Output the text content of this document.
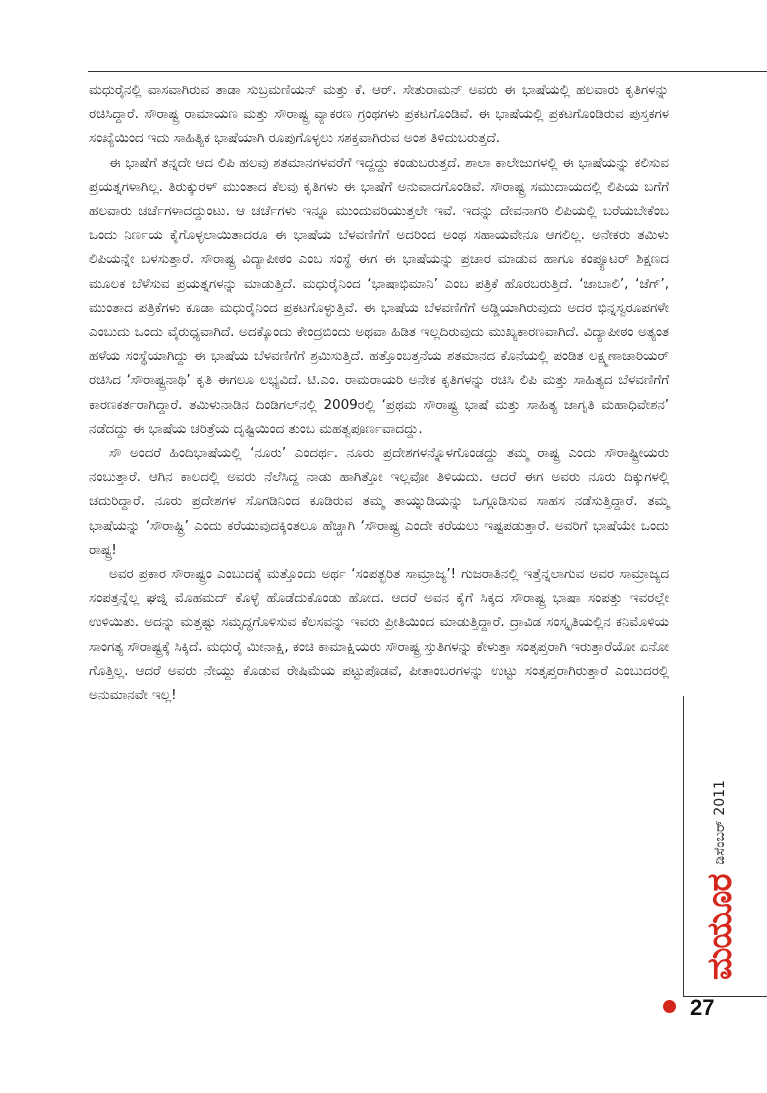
ಮಧುರೈನಲ್ಲಿ ವಾಸವಾಗಿರುವ ತಾಡಾ ಸುಬ್ರಮಣಿಯನ್ ಮತ್ತು ಕೆ. ಆರ್. ಸೇತುರಾಮನ್ ಅವರು ಈ ಭಾಷೆಯಲ್ಲಿ ಹಲವಾರು ಕೃತಿಗಳನ್ನು ರಚಿಸಿದ್ದಾರೆ. ಸೌರಾಷ್ಟ್ರ ರಾಮಾಯಣ ಮತ್ತು ಸೌರಾಷ್ಟ್ರ ವ್ಯಾಕರಣ ಗ್ರಂಥಗಳು ಪ್ರಕಟಗೊಂಡಿವೆ. ಈ ಭಾಷೆಯಲ್ಲಿ ಪ್ರಕಟಗೊಂಡಿರುವ ಪುಸ್ತಕಗಳ ಸಂಖ್ಯೆಯಿಂದ ಇದು ಸಾಹಿತ್ಯಿಕ ಭಾಷೆಯಾಗಿ ರೂಪುಗೊಳ್ಳಲು ಸಶಕ್ತವಾಗಿರುವ ಅಂಶ ತಿಳಿದುಬರುತ್ತದೆ.

ಈ ಭಾಷೆಗೆ ತನ್ನದೇ ಆದ ಲಿಪಿ ಹಲವು ಶತಮಾನಗಳವರೆಗೆ ಇದ್ದದ್ದು ಕಂಡುಬರುತ್ತದೆ. ಶಾಲಾ ಕಾಲೇಜುಗಳಲ್ಲಿ ಈ ಭಾಷೆಯನ್ನು ಕಲಿಸುವ ಪ್ರಯತ್ನಗಳಾಗಿಲ್ಲ. ತಿರುಕ್ಕುರಳ್ ಮುಂತಾದ ಕೆಲವು ಕೃತಿಗಳು ಈ ಭಾಷೆಗೆ ಅನುವಾದಗೊಂಡಿವೆ. ಸೌರಾಷ್ಟ್ರ ಸಮುದಾಯದಲ್ಲಿ ಲಿಪಿಯ ಬಗೆಗೆ ಹಲವಾರು ಚರ್ಚೆಗಳಾದದ್ದುಂಟು. ಆ ಚರ್ಚೆಗಳು ಇನ್ನೂ ಮುಂದುವರಿಯುತ್ತಲೇ ಇವೆ. ಇದನ್ನು ದೇವನಾಗರಿ ಲಿಪಿಯಲ್ಲಿ ಬರೆಯಬೇಕೆಂಬ ಒಂದು ನಿರ್ಣಯ ಕೈಗೊಳ್ಳಲಾಯಿತಾದರೂ ಈ ಭಾಷೆಯ ಬೆಳವಣಿಗೆಗೆ ಅದರಿಂದ ಅಂಥ ಸಹಾಯವೇನೂ ಆಗಲಿಲ್ಲ. ಅನೇಕರು ತಮಿಳು ಲಿಪಿಯನ್ನೇ ಬಳಸುತ್ತಾರೆ. ಸೌರಾಷ್ಟ್ರ ವಿದ್ಯಾಪೀಠಂ ಎಂಬ ಸಂಸ್ಥೆ ಈಗ ಈ ಭಾಷೆಯನ್ನು ಪ್ರಚಾರ ಮಾಡುವ ಹಾಗೂ ಕಂಪ್ಯೂಟರ್ ಶಿಕ್ಷಣದ ಮೂಲಕ ಬೆಳೆಸುವ ಪ್ರಯತ್ನಗಳನ್ನು ಮಾಡುತ್ತಿದೆ. ಮಧುರೈನಿಂದ ‘ಭಾಷಾಭಿಮಾನಿ’ ಎಂಬ ಪತ್ರಿಕೆ ಹೊರಬರುತ್ತಿದೆ. ‘ಜಾಬಾಲಿ’, ‘ಜೆಗ್’, ಮುಂತಾದ ಪತ್ರಿಕೆಗಳು ಕೂಡಾ ಮಧುರೈನಿಂದ ಪ್ರಕಟಗೊಳ್ಳುತ್ತಿವೆ. ಈ ಭಾಷೆಯ ಬೆಳವಣಿಗೆಗೆ ಅಡ್ಡಿಯಾಗಿರುವುದು ಅದರ ಭಿನ್ನಸ್ವರೂಪಗಳೇ ಎಂಬುದು ಒಂದು ವೈರುಧ್ಯವಾಗಿದೆ. ಅದಕ್ಕೊಂದು ಕೇಂದ್ರಬಿಂದು ಅಥವಾ ಹಿಡಿತ ಇಲ್ಲದಿರುವುದು ಮುಖ್ಯಕಾರಣವಾಗಿದೆ. ವಿದ್ಯಾಪೀಠಂ ಅತ್ಯಂತ ಹಳೆಯ ಸಂಸ್ಥೆಯಾಗಿದ್ದು ಈ ಭಾಷೆಯ ಬೆಳವಣಿಗೆಗೆ ಶ್ರಮಿಸುತ್ತಿದೆ. ಹತ್ತೊಂಬತ್ತನೆಯ ಶತಮಾನದ ಕೊನೆಯಲ್ಲಿ ಪಂಡಿತ ಲಕ್ಷ್ಮಣಾಚಾರಿಯರ್ ರಚಿಸಿದ ‘ಸೌರಾಷ್ಟ್ರನಾಥಿ’ ಕೃತಿ ಈಗಲೂ ಲಭ್ಯವಿದೆ. ಟಿ.ಎಂ. ರಾಮರಾಯರಿ ಅನೇಕ ಕೃತಿಗಳನ್ನು ರಚಿಸಿ ಲಿಪಿ ಮತ್ತು ಸಾಹಿತ್ಯದ ಬೆಳವಣಿಗೆಗೆ ಕಾರಣಕರ್ತರಾಗಿದ್ದಾರೆ. ತಮಿಳುನಾಡಿನ ದಿಂಡಿಗಲ್‌ನಲ್ಲಿ 2009ರಲ್ಲಿ ‘ಪ್ರಥಮ ಸೌರಾಷ್ಟ್ರ ಭಾಷೆ ಮತ್ತು ಸಾಹಿತ್ಯ ಜಾಗೃತಿ ಮಹಾಧಿವೇಶನ’ ನಡೆದದ್ದು ಈ ಭಾಷೆಯ ಚರಿತ್ರೆಯ ದೃಷ್ಟಿಯಿಂದ ತುಂಬ ಮಹತ್ವಪೂರ್ಣವಾದದ್ದು.

ಸೌ ಅಂದರೆ ಹಿಂದಿಭಾಷೆಯಲ್ಲಿ ‘ನೂರು’ ಎಂದರ್ಥ. ನೂರು ಪ್ರದೇಶಗಳನ್ನೊಳಗೊಂಡದ್ದು ತಮ್ಮ ರಾಷ್ಟ್ರ ಎಂದು ಸೌರಾಷ್ಟ್ರೀಯರು ನಂಬುತ್ತಾರೆ. ಆಗಿನ ಕಾಲದಲ್ಲಿ ಅವರು ನೆಲೆಸಿದ್ದ ನಾಡು ಹಾಗಿತ್ತೋ ಇಲ್ಲವೋ ತಿಳಿಯದು. ಆದರೆ ಈಗ ಅವರು ನೂರು ದಿಕ್ಕುಗಳಲ್ಲಿ ಚದುರಿದ್ದಾರೆ. ನೂರು ಪ್ರದೇಶಗಳ ಸೊಗಡಿನಿಂದ ಕೂಡಿರುವ ತಮ್ಮ ತಾಯ್ನುಡಿಯನ್ನು ಒಗ್ಗೂಡಿಸುವ ಸಾಹಸ ನಡೆಸುತ್ತಿದ್ದಾರೆ. ತಮ್ಮ ಭಾಷೆಯನ್ನು ‘ಸೌರಾಷ್ಟ್ರಿ’ ಎಂದು ಕರೆಯುವುದಕ್ಕಿಂತಲೂ ಹೆಚ್ಚಾಗಿ ‘ಸೌರಾಷ್ಟ್ರ ಎಂದೇ ಕರೆಯಲು ಇಷ್ಟಪಡುತ್ತಾರೆ. ಅವರಿಗೆ ಭಾಷೆಯೇ ಒಂದು ರಾಷ್ಟ್ರ!

ಅವರ ಪ್ರಕಾರ ಸೌರಾಷ್ಟ್ರಂ ಎಂಬುದಕ್ಕೆ ಮತ್ತೊಂದು ಅರ್ಥ ‘ಸಂಪತ್ಭರಿತ ಸಾಮ್ರಾಜ್ಯ’! ಗುಜರಾತಿನಲ್ಲಿ ಇತ್ತೆನ್ನಲಾಗುವ ಅವರ ಸಾಮ್ರಾಜ್ಯದ ಸಂಪತ್ತನ್ನೆಲ್ಲ ಘಜ್ನಿ ಮೊಹಮದ್ ಕೊಳ್ಳೆ ಹೊಡೆದುಕೊಂಡು ಹೋದ. ಆದರೆ ಅವನ ಕೈಗೆ ಸಿಕ್ಕದ ಸೌರಾಷ್ಟ್ರ ಭಾಷಾ ಸಂಪತ್ತು ಇವರಲ್ಲೇ ಉಳಿಯಿತು. ಅದನ್ನು ಮತ್ತಷ್ಟು ಸಮೃದ್ಧಗೊಳಿಸುವ ಕೆಲಸವನ್ನು ಇವರು ಪ್ರೀತಿಯಿಂದ ಮಾಡುತ್ತಿದ್ದಾರೆ. ದ್ರಾವಿಡ ಸಂಸ್ಕೃತಿಯಲ್ಲಿನ ಕನಿಮೊಳಿಯ ಸಾಂಗತ್ಯ ಸೌರಾಷ್ಟ್ರಕ್ಕೆ ಸಿಕ್ಕಿದೆ. ಮಧುರೈ ಮೀನಾಕ್ಷಿ, ಕಂಚಿ ಕಾಮಾಕ್ಷಿಯರು ಸೌರಾಷ್ಟ್ರ ಸ್ತುತಿಗಳನ್ನು ಕೇಳುತ್ತಾ ಸಂತೃಪ್ತರಾಗಿ ಇರುತ್ತಾರೆಯೋ ಏನೋ ಗೊತ್ತಿಲ್ಲ. ಆದರೆ ಅವರು ನೇಯ್ದು ಕೊಡುವ ರೇಷಿಮೆಯ ಪಟ್ಟುಪೊಡವೆ, ಪೀತಾಂಬರಗಳನ್ನು ಉಟ್ಟು ಸಂತೃಪ್ತರಾಗಿರುತ್ತಾರೆ ಎಂಬುದರಲ್ಲಿ ಅನುಮಾನವೇ ಇಲ್ಲ!

ಮಯೂರ
ಡಿಸೆಂಬರ್ 2011
27
